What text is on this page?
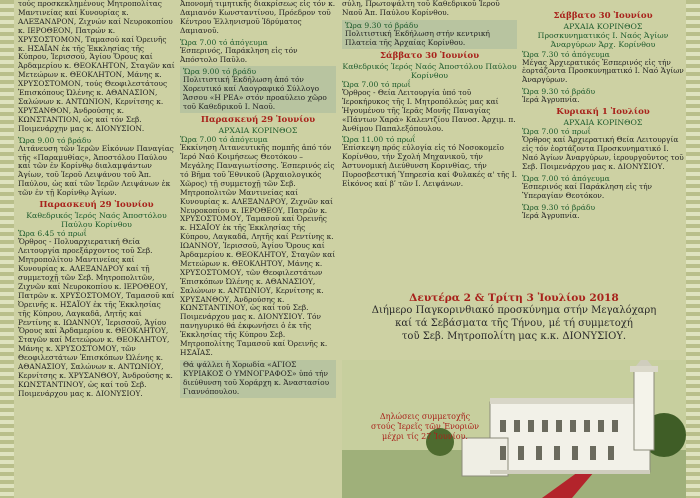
τούς προσκεκλημένους Μητροπολίτας Μαντινείας καί Κυνουρίας κ. ΑΛΕΞΑΝΔΡΟΝ, Ζιχνών καί Νευροκοπίου κ. ΙΕΡΟΘΕΟΝ, Πατρών κ. ΧΡΥΣΟΣΤΟΜΟΝ, Ταμασού καί Ὀρεινῆς κ. ΗΣΑΪΑΝ ἐκ τῆς Ἐκκλησίας τῆς Κύπρου, Ἱερισσοῦ, Ἁγίου Ὄρους καί Ἀρδαμερίου κ. ΘΕΟΚΛΗΤΟΝ, Σταγῶν καί Μετεώρων κ. ΘΕΟΚΛΗΤΟΝ, Μάνης κ. ΧΡΥΣΟΣΤΟΜΟΝ, τούς Θεοφιλεστάτους Ἐπισκόπους Ὠλένης κ. ΑΘΑΝΑΣΙΟΝ, Σαλώνων κ. ΑΝΤΩΝΙΟΝ, Κερνίτσης κ. ΧΡΥΣΑΝΘΟΝ, Ἀνδρούσης κ. ΚΩΝΣΤΑΝΤΙΟΝ, ὡς καί τόν Σεβ. Ποιμενάρχην μας κ. ΔΙΟΝΥΣΙΟΝ.
Ὥρα 9.00 τό βράδυ
Λιτάνευση τῶν Ἱερῶν Εἰκόνων Παναγίας τῆς «Παραμυθίας», Ἀποστόλου Παύλου καί τῶν ἐν Κορίνθῳ διαλαμψάντων Ἁγίων, τοῦ Ἱεροῦ Λειψάνου τοῦ Ἀπ. Παύλου, ὡς καί τῶν Ἱερῶν Λειψάνων ἐκ τῶν ἐν τῇ Κορίνθῳ Ἁγίων.
Παρασκευή 29 Ἰουνίου
Καθεδρικός Ἱερός Ναός Ἀποστόλου Παύλου Κορίνθου
Ὥρα 6.45 τό πρωΐ
Ὄρθρος - Πολυαρχιερατική Θεία Λειτουργία προεξάρχοντος τοῦ Σεβ. Μητροπολίτου Μαντινείας καί Κυνουρίας κ. ΑΛΕΞΑΝΔΡΟΥ καί τῇ συμμετοχῇ τῶν Σεβ. Μητροπολιτῶν, Ζιχνῶν καί Νευροκοπίου κ. ΙΕΡΟΘΕΟΥ, Πατρῶν κ. ΧΡΥΣΟΣΤΟΜΟΥ, Ταμασοῦ καί Ὀρεινῆς κ. ΗΣΑΪΟΥ ἐκ τῆς Ἐκκλησίας τῆς Κύπρου, Λαγκαδᾶ, Λητῆς καί Ρεντίνης κ. ΙΩΑΝΝΟΥ, Ἱερισσοῦ, Ἁγίου Ὄρους καί Ἀρδαμερίου κ. ΘΕΟΚΛΗΤΟΥ, Σταγῶν καί Μετεώρων κ. ΘΕΟΚΛΗΤΟΥ, Μάνης κ. ΧΡΥΣΟΣΤΟΜΟΥ, τῶν Θεοφιλεστάτων Ἐπισκόπων Ὠλένης κ. ΑΘΑΝΑΣΙΟΥ, Σαλώνων κ. ΑΝΤΩΝΙΟΥ, Κερνίτσης κ. ΧΡΥΣΑΝΘΟΥ, Ἀνδρούσης κ. ΚΩΝΣΤΑΝΤΙΝΟΥ, ὡς καί τοῦ Σεβ. Ποιμενάρχου μας κ. ΔΙΟΝΥΣΙΟΥ.
Ἀπονομή τιμητικῆς διακρίσεως εἰς τόν κ. Δαμιανόν Κωνσταντίνου, Πρόεδρον τοῦ Κέντρου Ἑλληνισμοῦ Ἱδρύματος Δαμιανοῦ.
Ὥρα 7.00 τό ἀπόγευμα
Ἑσπερινός, Παράκληση εἰς τόν Ἀπόστολο Παῦλο.
Ὥρα 9.00 τό βράδυ
Πολιτιστική Ἐκδήλωση ἀπό τόν Χορευτικό καί Λαογραφικό Σύλλογο Ἄσσου «Η ΡΕΑ» στόν προαύλειο χῶρο τοῦ Καθεδρικοῦ Ι. Ναοῦ.
Παρασκευή 29 Ἰουνίου
ΑΡΧΑΙΑ ΚΟΡΙΝΘΟΣ
Ὥρα 7.00 τό ἀπόγευμα
Ἐκκίνηση Λιτανευτικῆς πομπῆς ἀπό τόν Ἱερό Ναό Κοιμήσεως Θεοτόκου – Μεγάλης Παναγιωτίσσης. Ἑσπερινός εἰς τό Βῆμα τοῦ Ἐθνικοῦ (Ἀρχαιολογικός Χῶρος) τῇ συμμετοχῇ τῶν Σεβ. Μητροπολιτῶν Μαντινείας καί Κυνουρίας κ. ΑΛΕΞΑΝΔΡΟΥ, Ζιχνῶν καί Νευροκοπίου κ. ΙΕΡΟΘΕΟΥ, Πατρῶν κ. ΧΡΥΣΟΣΤΟΜΟΥ, Ταμασοῦ καί Ὀρεινῆς κ. ΗΣΑΪΟΥ ἐκ τῆς Ἐκκλησίας τῆς Κύπρου, Λαγκαδᾶ, Λητῆς καί Ρεντίνης κ. ΙΩΑΝΝΟΥ, Ἱερισσοῦ, Ἁγίου Ὄρους καί Ἀρδαμερίου κ. ΘΕΟΚΛΗΤΟΥ, Σταγῶν καί Μετεώρων κ. ΘΕΟΚΛΗΤΟΥ, Μάνης κ. ΧΡΥΣΟΣΤΟΜΟΥ, τῶν Θεοφιλεστάτων Ἐπισκόπων Ὠλένης κ. ΑΘΑΝΑΣΙΟΥ, Σαλώνων κ. ΑΝΤΩΝΙΟΥ, Κερνίτσης κ. ΧΡΥΣΑΝΘΟΥ, Ἀνδρούσης κ. ΚΩΝΣΤΑΝΤΙΝΟΥ, ὡς καί τοῦ Σεβ. Ποιμενάρχου μας κ. ΔΙΟΝΥΣΙΟΥ. Τόν πανηγυρικό θά ἐκφωνήσει ὁ ἐκ τῆς Ἐκκλησίας τῆς Κύπρου Σεβ. Μητροπολίτης Ταμασοῦ καί Ὀρεινῆς κ. ΗΣΑΪΑΣ.
Θά ψάλλει ἡ Χορωδία «ΑΓΙΟΣ ΚΥΡΙΑΚΟΣ Ο ΥΜΝΟΓΡΑΦΟΣ» ὑπό τήν διεύθυνση τοῦ Χοράρχη κ. Ἀναστασίου Γιαννόπουλου.
σύλη, Πρωτοψάλτη τοῦ Καθεδρικοῦ Ἱεροῦ Ναοῦ Ἀπ. Παύλου Κορίνθου.
Ὥρα 9.30 τό βράδυ
Πολιτιστική Ἐκδήλωση στήν κεντρική Πλατεία τῆς Ἀρχαίας Κορίνθου.
Σάββατο 30 Ἰουνίου
Καθεδρικός Ἱερός Ναός Ἀποστόλου Παύλου Κορίνθου
Ὥρα 7.00 τό πρωΐ
Ὄρθρος - Θεία Λειτουργία ὑπό τοῦ Ἱεροκήρυκος τῆς Ι. Μητροπόλεώς μας καί Ἡγουμένου τῆς Ἱερᾶς Μονῆς Παναγίας «Πάντων Χαρά» Καλεντζίου Πανοσ. Ἀρχιμ. π. Ἀνθίμου Παπαλεξόπουλου.
Ὥρα 11.00 τό πρωΐ
Ἐπίσκεψη πρός εὐλογία εἰς τό Νοσοκομεῖο Κορίνθου, τήν Σχολή Μηχανικοῦ, τήν Ἀστυνομική Διεύθυνση Κορινθίας, τήν Πυροσβεστική Ὑπηρεσία καί Φυλακές α' τῆς Ι. Εἰκόνος καί βʹ τῶν Ι. Λειψάνων.
Σάββατο 30 Ἰουνίου
ΑΡΧΑΙΑ ΚΟΡΙΝΘΟΣ
Προσκυνηματικός Ι. Ναός Ἁγίων Ἀναργύρων Ἀρχ. Κορίνθου
Ὥρα 7.30 τό ἀπόγευμα
Μέγας Ἀρχιερατικός Ἑσπερινός εἰς τήν ἑορτάζοντα Προσκυνηματικό Ι. Ναό Ἁγίων Ἀναργύρων.
Ὥρα 9.30 τό βράδυ
Ἱερά Ἀγρυπνία.
Κυριακή 1 Ἰουλίου
ΑΡΧΑΙΑ ΚΟΡΙΝΘΟΣ
Ὥρα 7.00 τό πρωΐ
Ὄρθρος καί Ἀρχιερατική Θεία Λειτουργία εἰς τόν ἑορτάζοντα Προσκυνηματικό Ι. Ναό Ἁγίων Ἀναργύρων, ἱερουργοῦντος τοῦ Σεβ. Ποιμενάρχου μας κ. ΔΙΟΝΥΣΙΟΥ.
Ὥρα 7.00 τό ἀπόγευμα
Ἑσπερινός καί Παράκληση εἰς τήν Ὑπεραγίαν Θεοτόκον.
Ὥρα 9.30 τό βράδυ
Ἱερά Ἀγρυπνία.
Δευτέρα 2 & Τρίτη 3 Ἰουλίου 2018
Διήμερο Παγκορινθιακό προσκύνημα στήν Μεγαλόχαρη
καί τά Σεβάσματα τῆς Τήνου, μέ τή συμμετοχή
τοῦ Σεβ. Μητροπολίτη μας κ.κ. ΔΙΟΝΥΣΙΟΥ.
Δηλώσεις συμμετοχῆς
στούς Ἱερεῖς τῶν Ἐνοριῶν
μέχρι τίς 27 Ἰουνίου.
